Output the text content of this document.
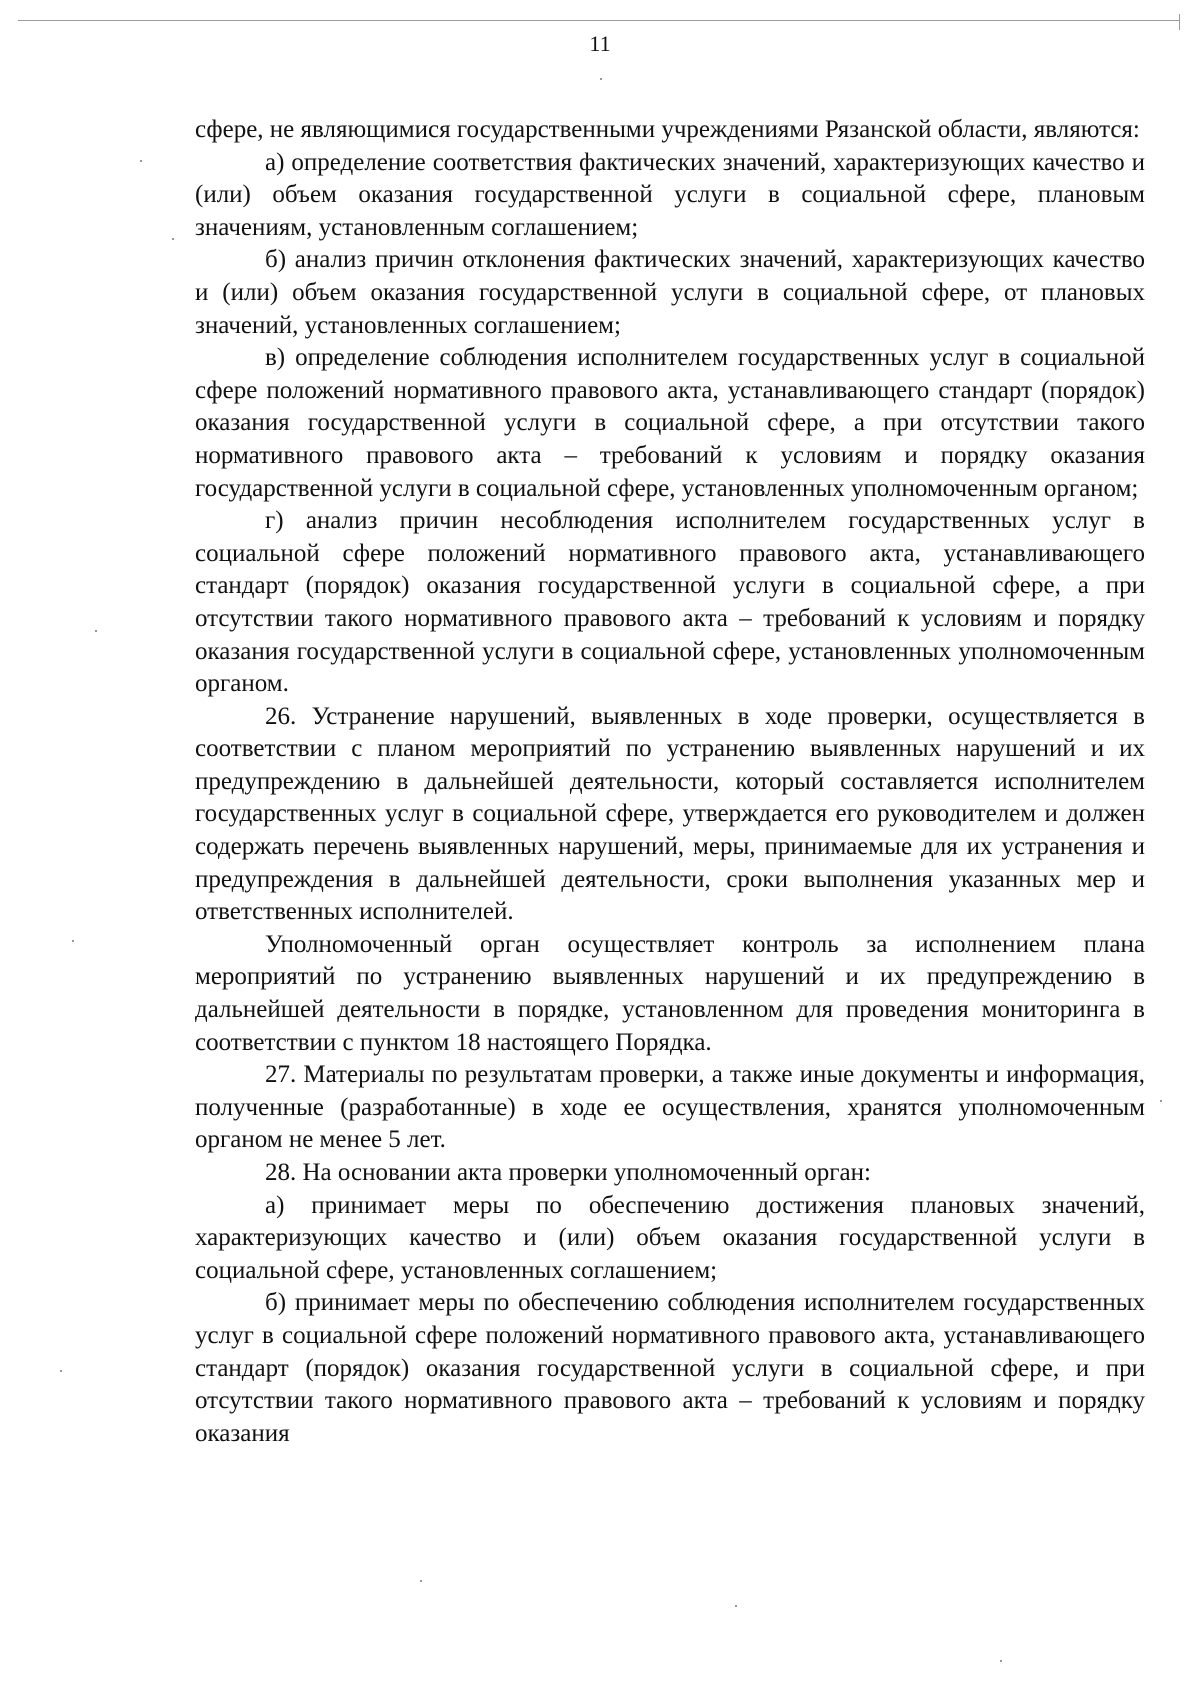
11

сфере, не являющимися государственными учреждениями Рязанской области, являются:

а) определение соответствия фактических значений, характеризующих качество и (или) объем оказания государственной услуги в социальной сфере, плановым значениям, установленным соглашением;

б) анализ причин отклонения фактических значений, характеризующих качество и (или) объем оказания государственной услуги в социальной сфере, от плановых значений, установленных соглашением;

в) определение соблюдения исполнителем государственных услуг в социальной сфере положений нормативного правового акта, устанавливающего стандарт (порядок) оказания государственной услуги в социальной сфере, а при отсутствии такого нормативного правового акта – требований к условиям и порядку оказания государственной услуги в социальной сфере, установленных уполномоченным органом;

г) анализ причин несоблюдения исполнителем государственных услуг в социальной сфере положений нормативного правового акта, устанавливающего стандарт (порядок) оказания государственной услуги в социальной сфере, а при отсутствии такого нормативного правового акта – требований к условиям и порядку оказания государственной услуги в социальной сфере, установленных уполномоченным органом.

26. Устранение нарушений, выявленных в ходе проверки, осуществляется в соответствии с планом мероприятий по устранению выявленных нарушений и их предупреждению в дальнейшей деятельности, который составляется исполнителем государственных услуг в социальной сфере, утверждается его руководителем и должен содержать перечень выявленных нарушений, меры, принимаемые для их устранения и предупреждения в дальнейшей деятельности, сроки выполнения указанных мер и ответственных исполнителей.

Уполномоченный орган осуществляет контроль за исполнением плана мероприятий по устранению выявленных нарушений и их предупреждению в дальнейшей деятельности в порядке, установленном для проведения мониторинга в соответствии с пунктом 18 настоящего Порядка.

27. Материалы по результатам проверки, а также иные документы и информация, полученные (разработанные) в ходе ее осуществления, хранятся уполномоченным органом не менее 5 лет.

28. На основании акта проверки уполномоченный орган:

а) принимает меры по обеспечению достижения плановых значений, характеризующих качество и (или) объем оказания государственной услуги в социальной сфере, установленных соглашением;

б) принимает меры по обеспечению соблюдения исполнителем государственных услуг в социальной сфере положений нормативного правового акта, устанавливающего стандарт (порядок) оказания государственной услуги в социальной сфере, и при отсутствии такого нормативного правового акта – требований к условиям и порядку оказания
